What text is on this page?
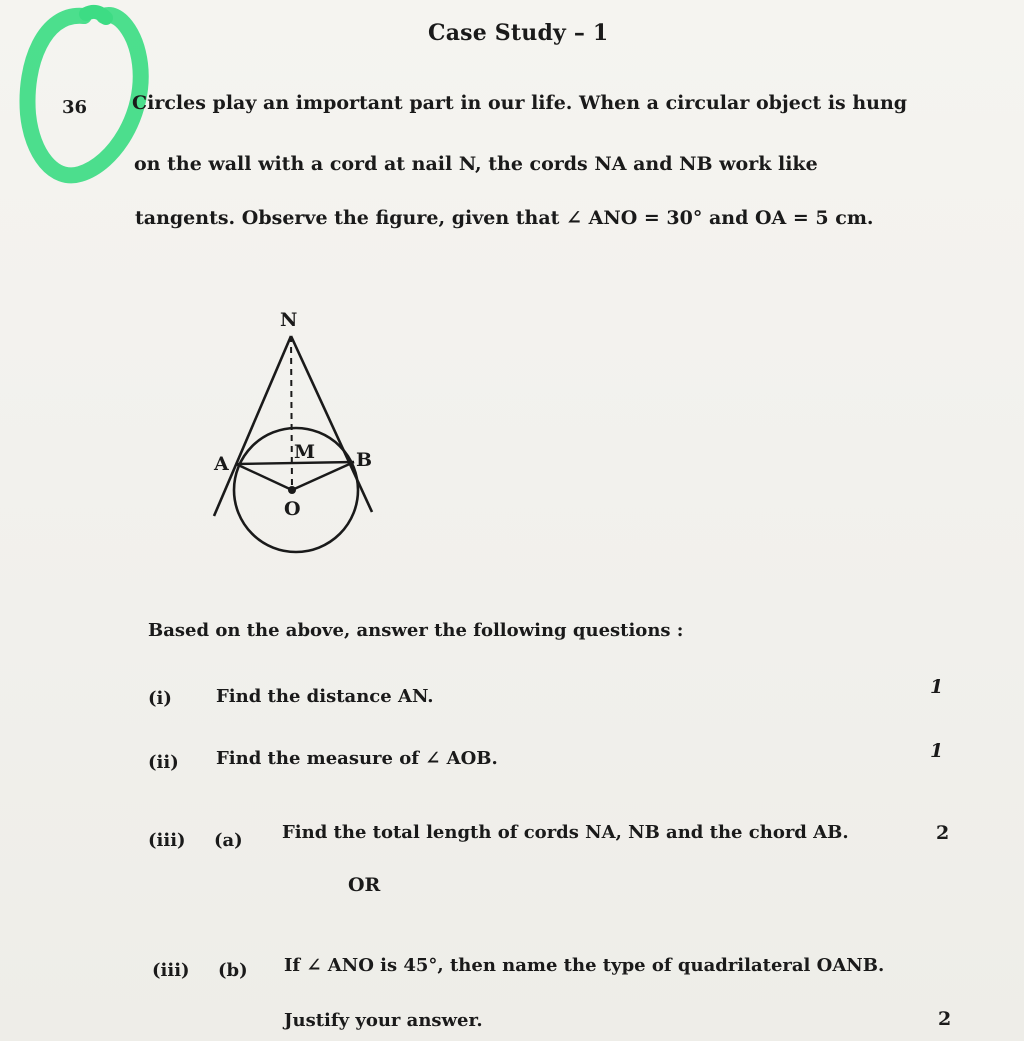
Case Study – 1
36 Circles play an important part in our life. When a circular object is hung
on the wall with a cord at nail N, the cords NA and NB work like
tangents. Observe the figure, given that ∠ ANO = 30° and OA = 5 cm.
N
M
A	B
O
Based on the above, answer the following questions :
(i) Find the distance AN.	1
(ii) Find the measure of ∠ AOB.	1
(iii) (a) Find the total length of cords NA, NB and the chord AB.	2
OR
(iii) (b) If ∠ ANO is 45°, then name the type of quadrilateral OANB.
Justify your answer.	2
